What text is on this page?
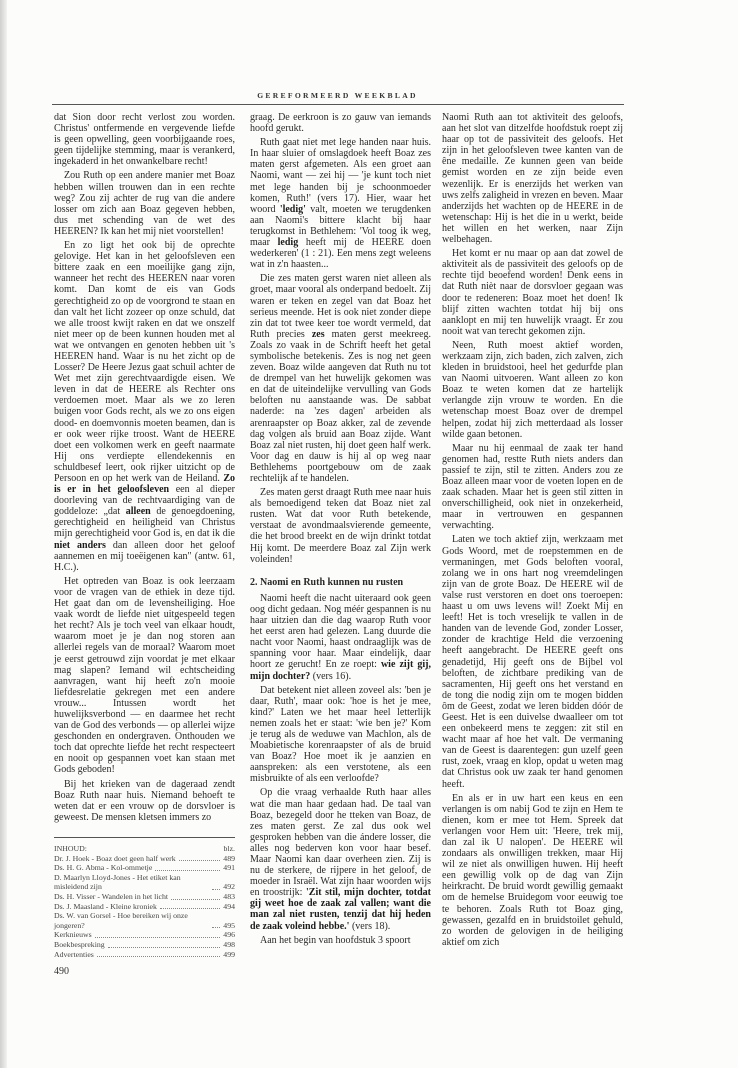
GEREFORMEERD WEEKBLAD

dat Sion door recht verlost zou worden. Christus' ontfermende en vergevende liefde is geen opwelling, geen voorbijgaande roes, geen tijdelijke stemming, maar is verankerd, ingekaderd in het onwankelbare recht!

Zou Ruth op een andere manier met Boaz hebben willen trouwen dan in een rechte weg? Zou zij achter de rug van die andere losser om zich aan Boaz gegeven hebben, dus met schending van de wet des HEEREN? Ik kan het mij niet voorstellen!

En zo ligt het ook bij de oprechte gelovige. Het kan in het geloofsleven een bittere zaak en een moeilijke gang zijn, wanneer het recht des HEEREN naar voren komt. Dan komt de eis van Gods gerechtigheid zo op de voorgrond te staan en dan valt het licht zozeer op onze schuld, dat we alle troost kwijt raken en dat we onszelf niet meer op de been kunnen houden met al wat we ontvangen en genoten hebben uit 's HEEREN hand. Waar is nu het zicht op de Losser? De Heere Jezus gaat schuil achter de Wet met zijn gerechtvaardigde eisen. We leven in dat de HEERE als Rechter ons verdoemen moet. Maar als we zo leren buigen voor Gods recht, als we zo ons eigen dood- en doemvonnis moeten beamen, dan is er ook weer rijke troost. Want de HEERE doet een volkomen werk en geeft naarmate Hij ons verdiepte ellendekennis en schuldbesef leert, ook rijker uitzicht op de Persoon en op het werk van de Heiland. Zo is er in het geloofsleven een al dieper doorleving van de rechtvaardiging van de goddeloze: „dat alleen de genoegdoening, gerechtigheid en heiligheid van Christus mijn gerechtigheid voor God is, en dat ik die niet anders dan alleen door het geloof aannemen en mij toeëigenen kan" (antw. 61, H.C.).

Het optreden van Boaz is ook leerzaam voor de vragen van de ethiek in deze tijd. Het gaat dan om de levensheiliging. Hoe vaak wordt de liefde niet uitgespeeld tegen het recht? Als je toch veel van elkaar houdt, waarom moet je je dan nog storen aan allerlei regels van de moraal? Waarom moet je eerst getrouwd zijn voordat je met elkaar mag slapen? Iemand wil echtscheiding aanvragen, want hij heeft zo'n mooie liefdesrelatie gekregen met een andere vrouw... Intussen wordt het huwelijksverbond — en daarmee het recht van de God des verbonds — op allerlei wijze geschonden en ondergraven. Onthouden we toch dat oprechte liefde het recht respecteert en nooit op gespannen voet kan staan met Gods geboden!

Bij het krieken van de dageraad zendt Boaz Ruth naar huis. Niemand behoeft te weten dat er een vrouw op de dorsvloer is geweest. De mensen kletsen immers zo

graag. De eerkroon is zo gauw van iemands hoofd gerukt.

Ruth gaat niet met lege handen naar huis. In haar sluier of omslagdoek heeft Boaz zes maten gerst afgemeten. Als een groet aan Naomi, want — zei hij — 'je kunt toch niet met lege handen bij je schoonmoeder komen, Ruth!' (vers 17). Hier, waar het woord 'ledig' valt, moeten we terugdenken aan Naomi's bittere klacht bij haar terugkomst in Bethlehem: 'Vol toog ik weg, maar ledig heeft mij de HEERE doen wederkeren' (1 : 21). Een mens zegt weleens wat in z'n haasten...

Die zes maten gerst waren niet alleen als groet, maar vooral als onderpand bedoelt. Zij waren er teken en zegel van dat Boaz het serieus meende. Het is ook niet zonder diepe zin dat tot twee keer toe wordt vermeld, dat Ruth precies zes maten gerst meekreeg. Zoals zo vaak in de Schrift heeft het getal symbolische betekenis. Zes is nog net geen zeven. Boaz wilde aangeven dat Ruth nu tot de drempel van het huwelijk gekomen was en dat de uiteindelijke vervulling van Gods beloften nu aanstaande was. De sabbat naderde: na 'zes dagen' arbeiden als arenraapster op Boaz akker, zal de zevende dag volgen als bruid aan Boaz zijde. Want Boaz zal niet rusten, hij doet geen half werk. Voor dag en dauw is hij al op weg naar Bethlehems poortgebouw om de zaak rechtelijk af te handelen.

Zes maten gerst draagt Ruth mee naar huis als bemoedigend teken dat Boaz niet zal rusten. Wat dat voor Ruth betekende, verstaat de avondmaalsvierende gemeente, die het brood breekt en de wijn drinkt totdat Hij komt. De meerdere Boaz zal Zijn werk voleinden!

2. Naomi en Ruth kunnen nu rusten

Naomi heeft die nacht uiteraard ook geen oog dicht gedaan. Nog méér gespannen is nu haar uitzien dan die dag waarop Ruth voor het eerst aren had gelezen. Lang duurde die nacht voor Naomi, haast ondraaglijk was de spanning voor haar. Maar eindelijk, daar hoort ze gerucht! En ze roept: wie zijt gij, mijn dochter? (vers 16).

Dat betekent niet alleen zoveel als: 'ben je daar, Ruth', maar ook: 'hoe is het je mee, kind?' Laten we het maar heel letterlijk nemen zoals het er staat: 'wie ben je?' Kom je terug als de weduwe van Machlon, als de Moabietische korenraapster of als de bruid van Boaz? Hoe moet ik je aanzien en aanspreken: als een verstotene, als een misbruikte of als een verloofde?

Op die vraag verhaalde Ruth haar alles wat die man haar gedaan had. De taal van Boaz, bezegeld door he tteken van Boaz, de zes maten gerst. Ze zal dus ook wel gesproken hebben van die ándere losser, die alles nog bederven kon voor haar besef. Maar Naomi kan daar overheen zien. Zij is nu de sterkere, de rijpere in het geloof, de moeder in Israël. Wat zijn haar woorden wijs en troostrijk: 'Zit stil, mijn dochter, totdat gij weet hoe de zaak zal vallen; want die man zal niet rusten, tenzij dat hij heden de zaak voleind hebbe.' (vers 18).

Aan het begin van hoofdstuk 3 spoort

Naomi Ruth aan tot aktiviteit des geloofs, aan het slot van ditzelfde hoofdstuk roept zij haar op tot de passiviteit des geloofs. Het zijn in het geloofsleven twee kanten van de êne medaille. Ze kunnen geen van beide gemist worden en ze zijn beide even wezenlijk. Er is enerzijds het werken van uws zelfs zaligheid in vrezen en beven. Maar anderzijds het wachten op de HEERE in de wetenschap: Hij is het die in u werkt, beide het willen en het werken, naar Zijn welbehagen.

Het komt er nu maar op aan dat zowel de aktiviteit als de passiviteit des geloofs op de rechte tijd beoefend worden! Denk eens in dat Ruth nièt naar de dorsvloer gegaan was door te redeneren: Boaz moet het doen! Ik blijf zitten wachten totdat hij bij ons aanklopt en mij ten huwelijk vraagt. Er zou nooit wat van terecht gekomen zijn.

Neen, Ruth moest aktief worden, werkzaam zijn, zich baden, zich zalven, zich kleden in bruidstooi, heel het gedurfde plan van Naomi uitvoeren. Want alleen zo kon Boaz te weten komen dat ze hartelijk verlangde zijn vrouw te worden. En die wetenschap moest Boaz over de drempel helpen, zodat hij zich metterdaad als losser wilde gaan betonen.

Maar nu hij eenmaal de zaak ter hand genomen had, restte Ruth niets anders dan passief te zijn, stil te zitten. Anders zou ze Boaz alleen maar voor de voeten lopen en de zaak schaden. Maar het is geen stil zitten in onverschilligheid, ook niet in onzekerheid, maar in vertrouwen en gespannen verwachting.

Laten we toch aktief zijn, werkzaam met Gods Woord, met de roepstemmen en de vermaningen, met Gods beloften vooral, zolang we in ons hart nog vreemdelingen zijn van de grote Boaz. De HEERE wil de valse rust verstoren en doet ons toeroepen: haast u om uws levens wil! Zoekt Mij en leeft! Het is toch vreselijk te vallen in de handen van de levende God, zonder Losser, zonder de krachtige Held die verzoening heeft aangebracht. De HEERE geeft ons genadetijd, Hij geeft ons de Bijbel vol beloften, de zichtbare prediking van de sacramenten, Hij geeft ons het verstand en de tong die nodig zijn om te mogen bidden ôm de Geest, zodat we leren bidden dóór de Geest. Het is een duivelse dwaalleer om tot een onbekeerd mens te zeggen: zit stil en wacht maar af hoe het valt. De vermaning van de Geest is daarentegen: gun uzelf geen rust, zoek, vraag en klop, opdat u weten mag dat Christus ook uw zaak ter hand genomen heeft.

En als er in uw hart een keus en een verlangen is om nabij God te zijn en Hem te dienen, kom er mee tot Hem. Spreek dat verlangen voor Hem uit: 'Heere, trek mij, dan zal ik U nalopen'. De HEERE wil zondaars als onwilligen trekken, maar Hij wil ze niet als onwilligen huwen. Hij heeft een gewillig volk op de dag van Zijn heirkracht. De bruid wordt gewillig gemaakt om de hemelse Bruidegom voor eeuwig toe te behoren. Zoals Ruth tot Boaz ging, gewassen, gezalfd en in bruidstoilet gehuld, zo worden de gelovigen in de heiliging aktief om zich

INHOUD:	blz.
Dr. J. Hoek - Boaz doet geen half werk	489
Ds. H. G. Abma - Kol-ommetje	491
D. Maarlyn Lloyd-Jones - Het etiket kan misleidend zijn	492
Ds. H. Visser - Wandelen in het licht	483
Ds. J. Maasland - Kleine kroniek	494
Ds. W. van Gorsel - Hoe bereiken wij onze jongeren?	495
Kerknieuws	496
Boekbespreking	498
Advertenties	499
490
